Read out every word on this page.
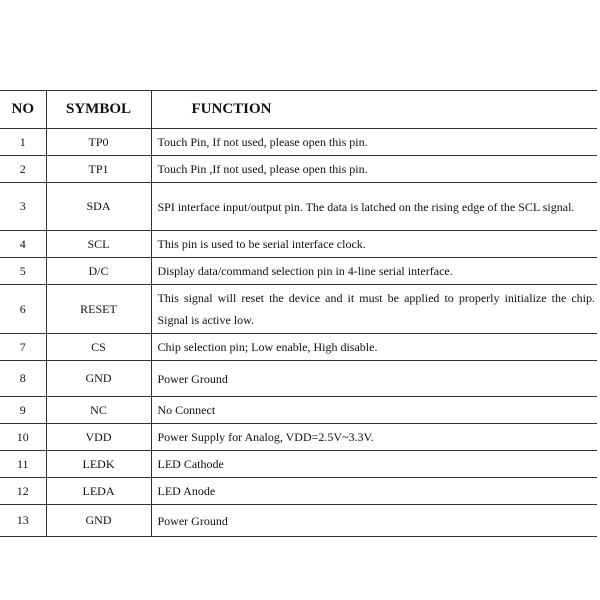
NO	SYMBOL	FUNCTION
1	TP0	Touch Pin, If not used, please open this pin.
2	TP1	Touch Pin ,If not used, please open this pin.
3	SDA	SPI interface input/output pin. The data is latched on the rising edge of the SCL signal.
4	SCL	This pin is used to be serial interface clock.
5	D/C	Display data/command selection pin in 4-line serial interface.
6	RESET	This signal will reset the device and it must be applied to properly initialize the chip. Signal is active low.
7	CS	Chip selection pin; Low enable, High disable.
8	GND	Power Ground
9	NC	No Connect
10	VDD	Power Supply for Analog, VDD=2.5V~3.3V.
11	LEDK	LED Cathode
12	LEDA	LED Anode
13	GND	Power Ground
